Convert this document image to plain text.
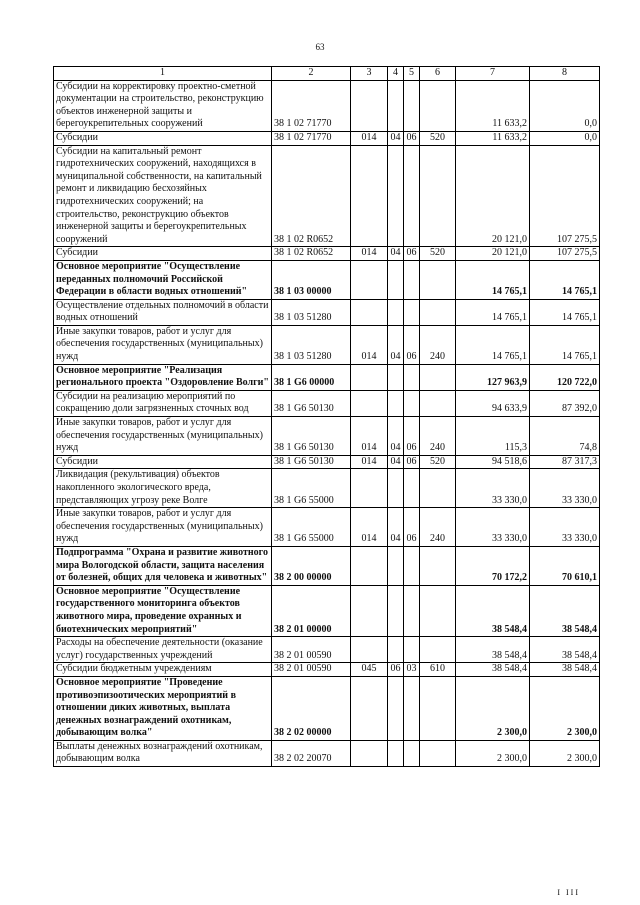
63
1	2	3	4	5	6	7	8
Субсидии на корректировку проектно-сметной документации на строительство, реконструкцию объектов инженерной защиты и берегоукрепительных сооружений	38 1 02 71770					11 633,2	0,0
Субсидии	38 1 02 71770	014	04	06	520	11 633,2	0,0
Субсидии на капитальный ремонт гидротехнических сооружений, находящихся в муниципальной собственности, на капитальный ремонт и ликвидацию бесхозяйных гидротехнических сооружений; на строительство, реконструкцию объектов инженерной защиты и берегоукрепительных сооружений	38 1 02 R0652					20 121,0	107 275,5
Субсидии	38 1 02 R0652	014	04	06	520	20 121,0	107 275,5
Основное мероприятие "Осуществление переданных полномочий Российской Федерации в области водных отношений"	38 1 03 00000					14 765,1	14 765,1
Осуществление отдельных полномочий в области водных отношений	38 1 03 51280					14 765,1	14 765,1
Иные закупки товаров, работ и услуг для обеспечения государственных (муниципальных) нужд	38 1 03 51280	014	04	06	240	14 765,1	14 765,1
Основное мероприятие "Реализация регионального проекта "Оздоровление Волги"	38 1 G6 00000					127 963,9	120 722,0
Субсидии на реализацию мероприятий по сокращению доли загрязненных сточных вод	38 1 G6 50130					94 633,9	87 392,0
Иные закупки товаров, работ и услуг для обеспечения государственных (муниципальных) нужд	38 1 G6 50130	014	04	06	240	115,3	74,8
Субсидии	38 1 G6 50130	014	04	06	520	94 518,6	87 317,3
Ликвидация (рекультивация) объектов накопленного экологического вреда, представляющих угрозу реке Волге	38 1 G6 55000					33 330,0	33 330,0
Иные закупки товаров, работ и услуг для обеспечения государственных (муниципальных) нужд	38 1 G6 55000	014	04	06	240	33 330,0	33 330,0
Подпрограмма "Охрана и развитие животного мира Вологодской области, защита населения от болезней, общих для человека и животных"	38 2 00 00000					70 172,2	70 610,1
Основное мероприятие "Осуществление государственного мониторинга объектов животного мира, проведение охранных и биотехнических мероприятий"	38 2 01 00000					38 548,4	38 548,4
Расходы на обеспечение деятельности (оказание услуг) государственных учреждений	38 2 01 00590					38 548,4	38 548,4
Субсидии бюджетным учреждениям	38 2 01 00590	045	06	03	610	38 548,4	38 548,4
Основное мероприятие "Проведение противоэпизоотических мероприятий в отношении диких животных, выплата денежных вознаграждений охотникам, добывающим волка"	38 2 02 00000					2 300,0	2 300,0
Выплаты денежных вознаграждений охотникам, добывающим волка	38 2 02 20070					2 300,0	2 300,0
I III
